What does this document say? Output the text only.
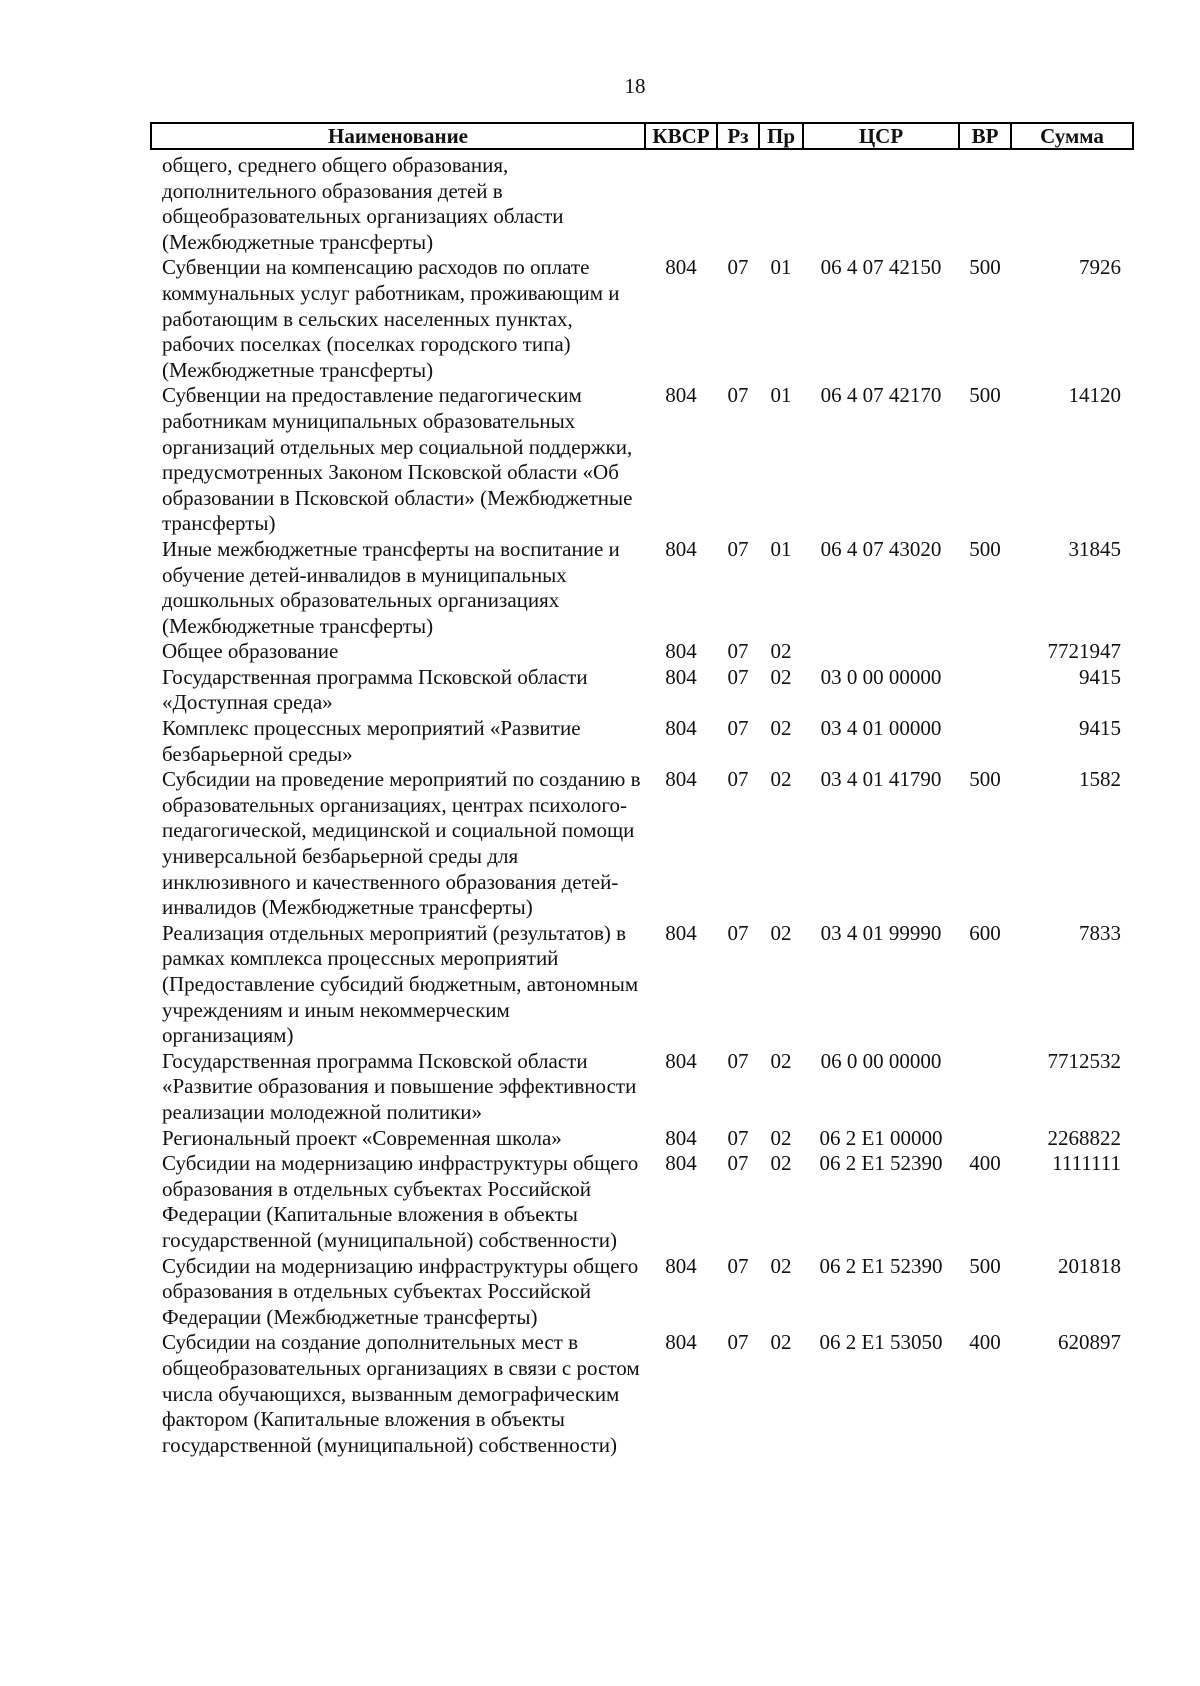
18
Наименование	КВСР	Рз	Пр	ЦСР	ВР	Сумма
общего, среднего общего образования, дополнительного образования детей в общеобразовательных организациях области (Межбюджетные трансферты)						
Субвенции на компенсацию расходов по оплате коммунальных услуг работникам, проживающим и работающим в сельских населенных пунктах, рабочих поселках (поселках городского типа) (Межбюджетные трансферты)	804	07	01	06 4 07 42150	500	7926
Субвенции на предоставление педагогическим работникам муниципальных образовательных организаций отдельных мер социальной поддержки, предусмотренных Законом Псковской области «Об образовании в Псковской области» (Межбюджетные трансферты)	804	07	01	06 4 07 42170	500	14120
Иные межбюджетные трансферты на воспитание и обучение детей-инвалидов в муниципальных дошкольных образовательных организациях (Межбюджетные трансферты)	804	07	01	06 4 07 43020	500	31845
Общее образование	804	07	02			7721947
Государственная программа Псковской области «Доступная среда»	804	07	02	03 0 00 00000		9415
Комплекс процессных мероприятий «Развитие безбарьерной среды»	804	07	02	03 4 01 00000		9415
Субсидии на проведение мероприятий по созданию в образовательных организациях, центрах психолого-педагогической, медицинской и социальной помощи универсальной безбарьерной среды для инклюзивного и качественного образования детей-инвалидов (Межбюджетные трансферты)	804	07	02	03 4 01 41790	500	1582
Реализация отдельных мероприятий (результатов) в рамках комплекса процессных мероприятий (Предоставление субсидий бюджетным, автономным учреждениям и иным некоммерческим организациям)	804	07	02	03 4 01 99990	600	7833
Государственная программа Псковской области «Развитие образования и повышение эффективности реализации молодежной политики»	804	07	02	06 0 00 00000		7712532
Региональный проект «Современная школа»	804	07	02	06 2 E1 00000		2268822
Субсидии на модернизацию инфраструктуры общего образования в отдельных субъектах Российской Федерации (Капитальные вложения в объекты государственной (муниципальной) собственности)	804	07	02	06 2 E1 52390	400	1111111
Субсидии на модернизацию инфраструктуры общего образования в отдельных субъектах Российской Федерации (Межбюджетные трансферты)	804	07	02	06 2 E1 52390	500	201818
Субсидии на создание дополнительных мест в общеобразовательных организациях в связи с ростом числа обучающихся, вызванным демографическим фактором (Капитальные вложения в объекты государственной (муниципальной) собственности)	804	07	02	06 2 E1 53050	400	620897
